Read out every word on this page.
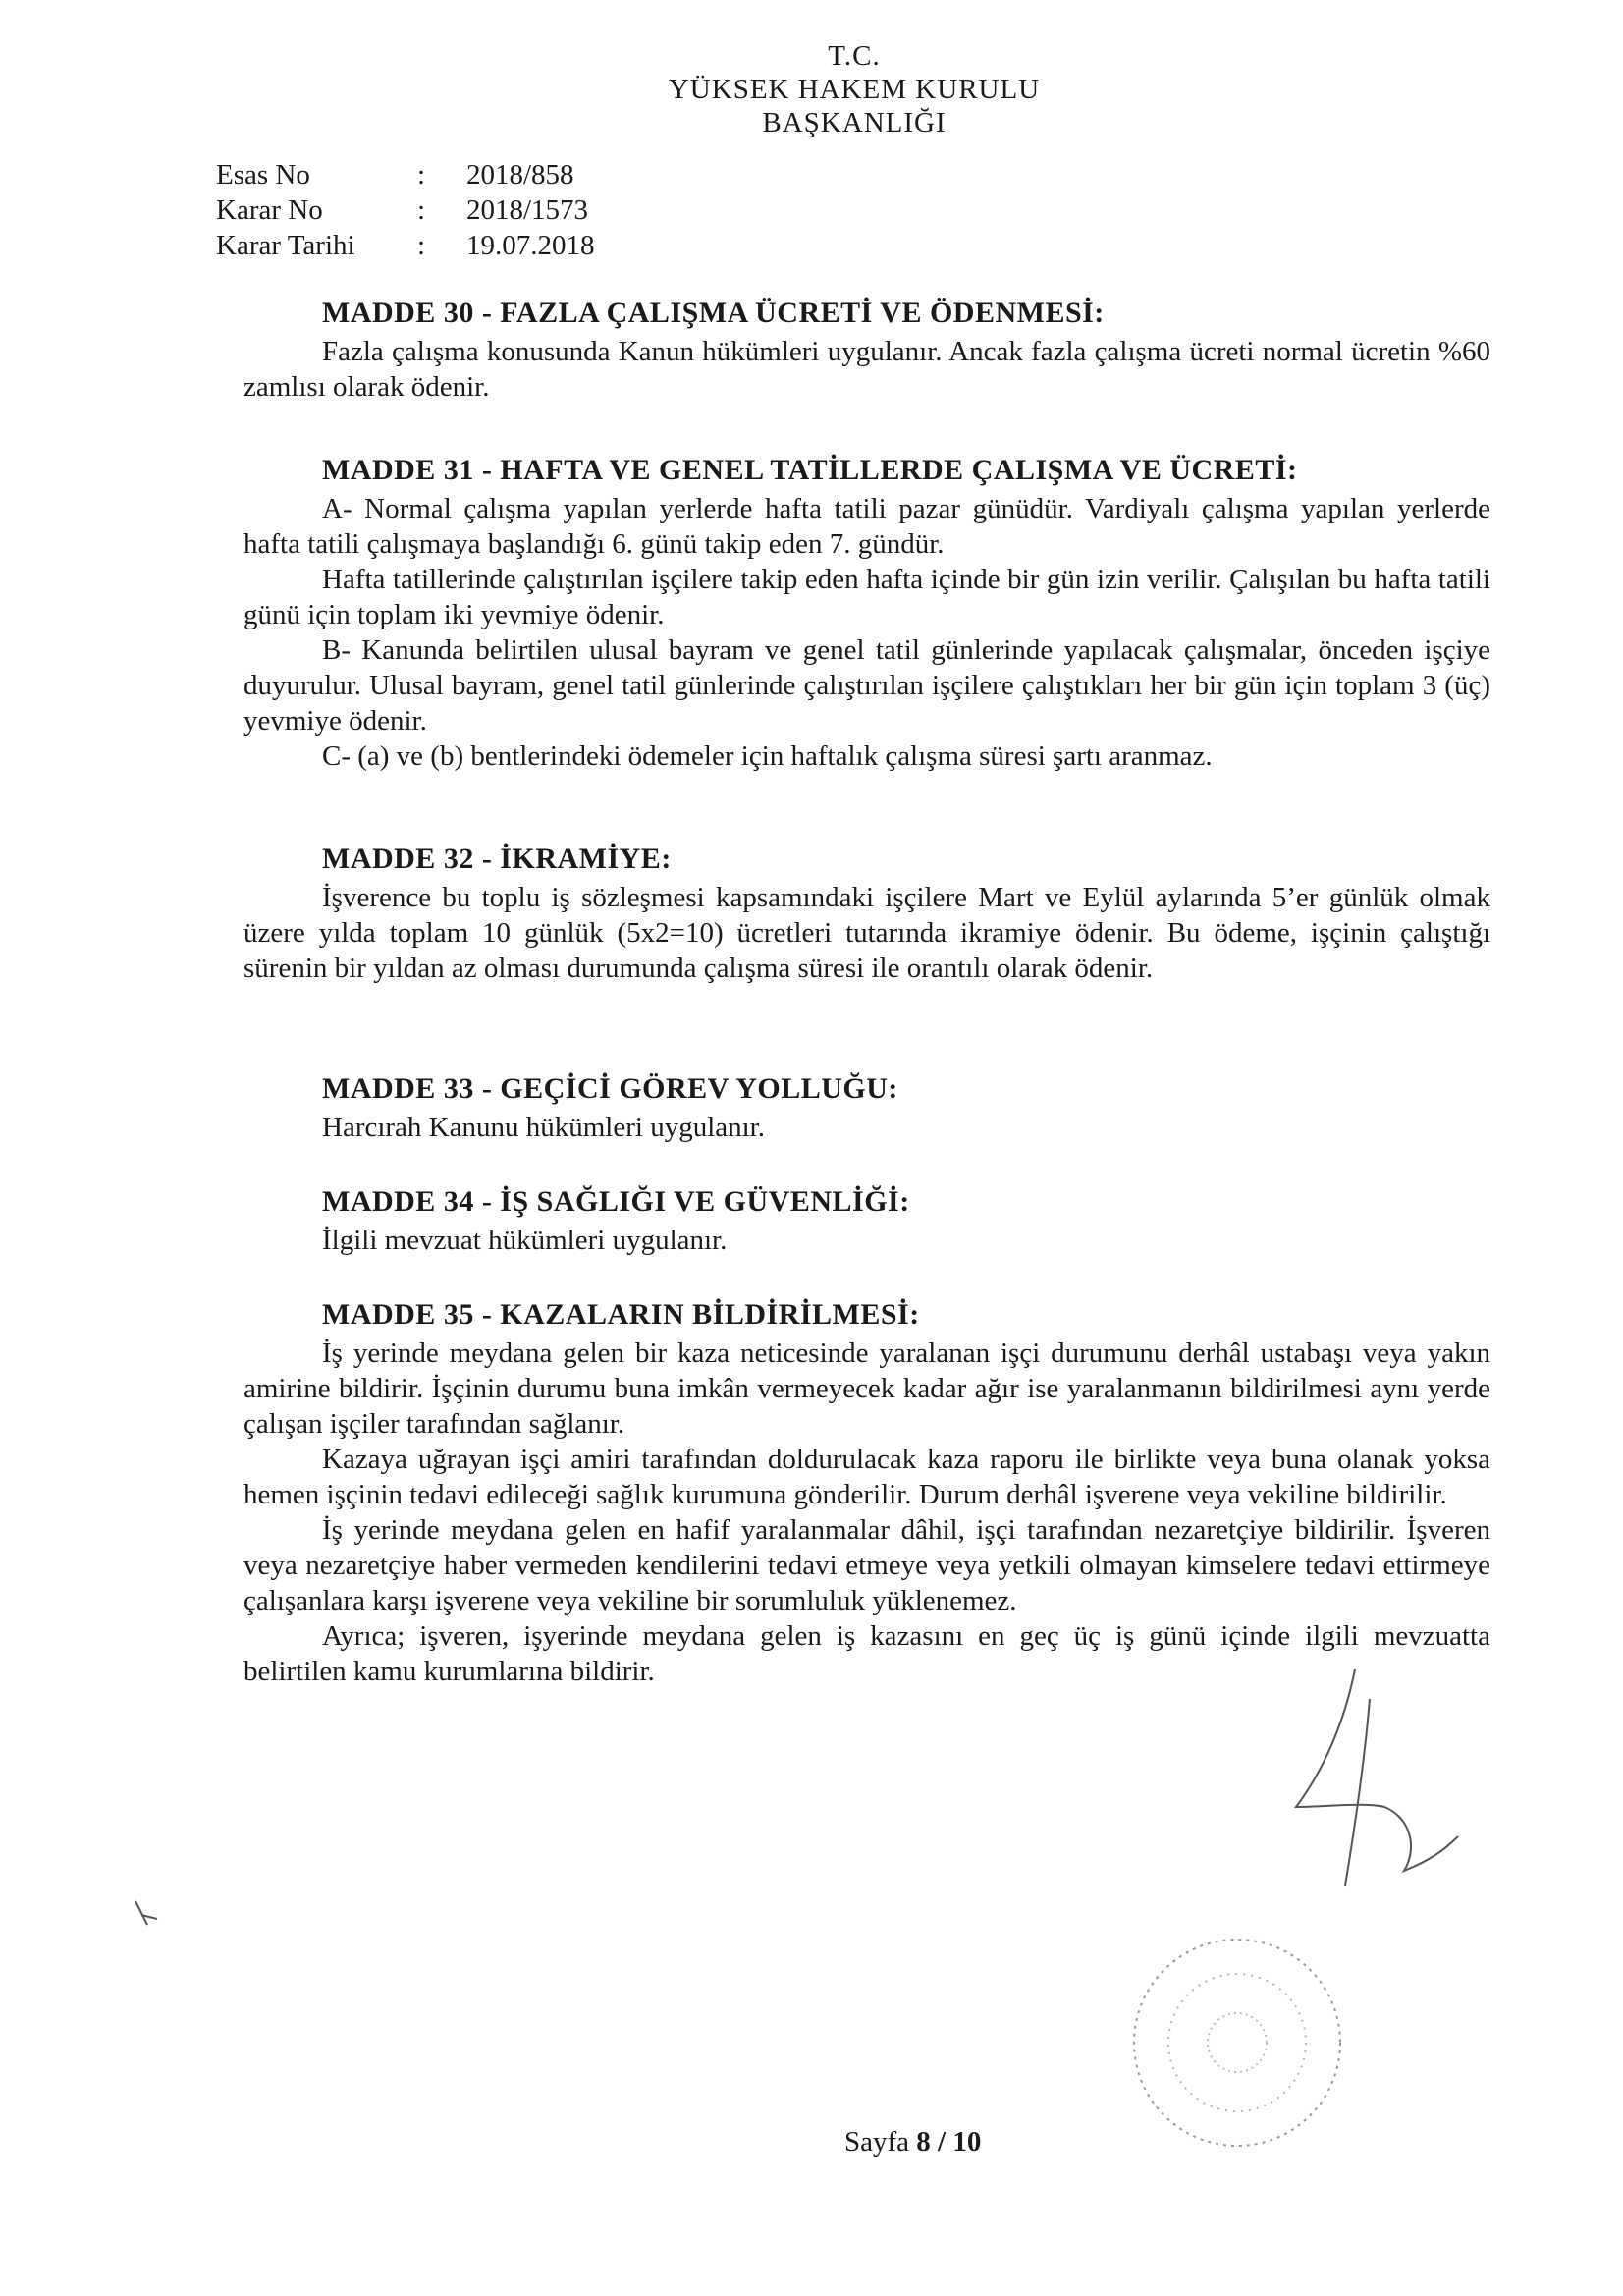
T.C.
YÜKSEK HAKEM KURULU
BAŞKANLIĞI
Esas No	:	2018/858
Karar No	:	2018/1573
Karar Tarihi	:	19.07.2018
MADDE 30 - FAZLA ÇALIŞMA ÜCRETİ VE ÖDENMESİ:

Fazla çalışma konusunda Kanun hükümleri uygulanır. Ancak fazla çalışma ücreti normal ücretin %60 zamlısı olarak ödenir.

MADDE 31 - HAFTA VE GENEL TATİLLERDE ÇALIŞMA VE ÜCRETİ:

A- Normal çalışma yapılan yerlerde hafta tatili pazar günüdür. Vardiyalı çalışma yapılan yerlerde hafta tatili çalışmaya başlandığı 6. günü takip eden 7. gündür.

Hafta tatillerinde çalıştırılan işçilere takip eden hafta içinde bir gün izin verilir. Çalışılan bu hafta tatili günü için toplam iki yevmiye ödenir.

B- Kanunda belirtilen ulusal bayram ve genel tatil günlerinde yapılacak çalışmalar, önceden işçiye duyurulur. Ulusal bayram, genel tatil günlerinde çalıştırılan işçilere çalıştıkları her bir gün için toplam 3 (üç) yevmiye ödenir.

C- (a) ve (b) bentlerindeki ödemeler için haftalık çalışma süresi şartı aranmaz.

MADDE 32 - İKRAMİYE:

İşverence bu toplu iş sözleşmesi kapsamındaki işçilere Mart ve Eylül aylarında 5’er günlük olmak üzere yılda toplam 10 günlük (5x2=10) ücretleri tutarında ikramiye ödenir. Bu ödeme, işçinin çalıştığı sürenin bir yıldan az olması durumunda çalışma süresi ile orantılı olarak ödenir.

MADDE 33 - GEÇİCİ GÖREV YOLLUĞU:

Harcırah Kanunu hükümleri uygulanır.

MADDE 34 - İŞ SAĞLIĞI VE GÜVENLİĞİ:

İlgili mevzuat hükümleri uygulanır.

MADDE 35 - KAZALARIN BİLDİRİLMESİ:

İş yerinde meydana gelen bir kaza neticesinde yaralanan işçi durumunu derhâl ustabaşı veya yakın amirine bildirir. İşçinin durumu buna imkân vermeyecek kadar ağır ise yaralanmanın bildirilmesi aynı yerde çalışan işçiler tarafından sağlanır.

Kazaya uğrayan işçi amiri tarafından doldurulacak kaza raporu ile birlikte veya buna olanak yoksa hemen işçinin tedavi edileceği sağlık kurumuna gönderilir. Durum derhâl işverene veya vekiline bildirilir.

İş yerinde meydana gelen en hafif yaralanmalar dâhil, işçi tarafından nezaretçiye bildirilir. İşveren veya nezaretçiye haber vermeden kendilerini tedavi etmeye veya yetkili olmayan kimselere tedavi ettirmeye çalışanlara karşı işverene veya vekiline bir sorumluluk yüklenemez.

Ayrıca; işveren, işyerinde meydana gelen iş kazasını en geç üç iş günü içinde ilgili mevzuatta belirtilen kamu kurumlarına bildirir.

Sayfa 8 / 10
